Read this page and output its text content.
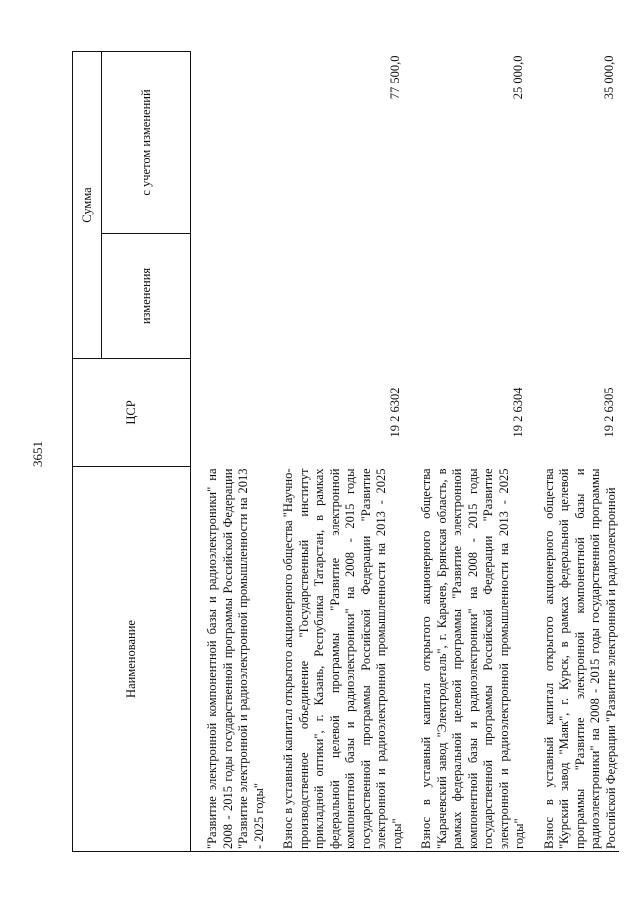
3651
Наименование	ЦСР	Сумма	
		изменения	с учетом изменений
"Развитие электронной компонентной базы и радиоэлектроники" на 2008 - 2015 годы государственной программы Российской Федерации "Развитие электронной и радиоэлектронной промышленности на 2013 - 2025 годы"			
Взнос в уставный капитал открытого акционерного общества "Научно-производственное объединение "Государственный институт прикладной оптики", г. Казань, Республика Татарстан, в рамках федеральной целевой программы "Развитие электронной компонентной базы и радиоэлектроники" на 2008 - 2015 годы государственной программы Российской Федерации "Развитие электронной и радиоэлектронной промышленности на 2013 - 2025 годы"	19 2 6302		77 500,0
Взнос в уставный капитал открытого акционерного общества "Карачевский завод "Электродеталь", г. Карачев, Брянская область, в рамках федеральной целевой программы "Развитие электронной компонентной базы и радиоэлектроники" на 2008 - 2015 годы государственной программы Российской Федерации "Развитие электронной и радиоэлектронной промышленности на 2013 - 2025 годы"	19 2 6304		25 000,0
Взнос в уставный капитал открытого акционерного общества "Курский завод "Маяк", г. Курск, в рамках федеральной целевой программы "Развитие электронной компонентной базы и радиоэлектроники" на 2008 - 2015 годы государственной программы Российской Федерации "Развитие электронной и радиоэлектронной	19 2 6305		35 000,0
